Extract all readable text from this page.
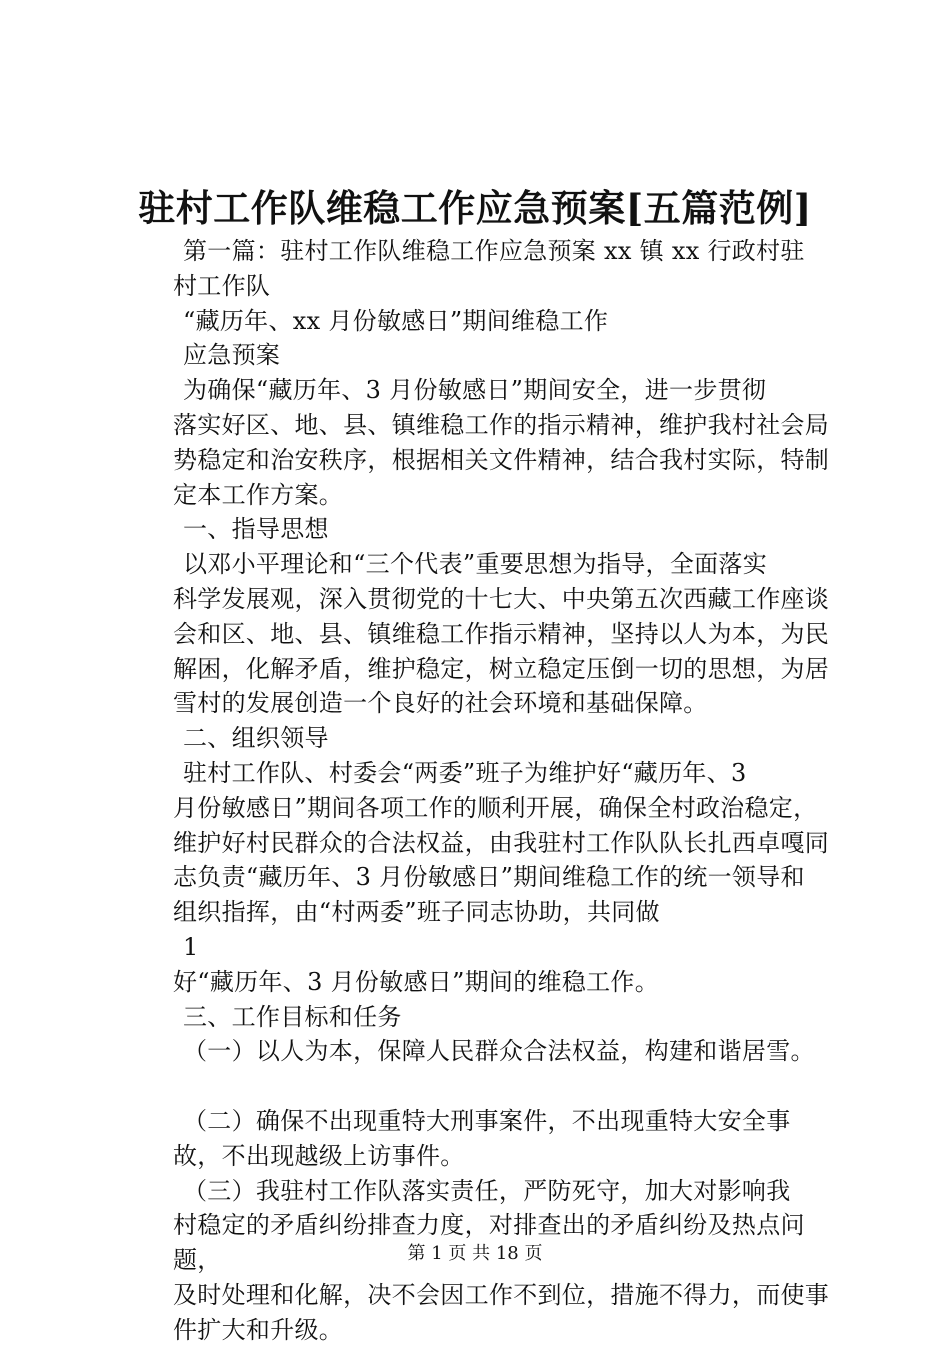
驻村工作队维稳工作应急预案[五篇范例]

第一篇：驻村工作队维稳工作应急预案 xx 镇 xx 行政村驻

村工作队

“藏历年、xx 月份敏感日”期间维稳工作

应急预案

为确保“藏历年、3 月份敏感日”期间安全，进一步贯彻

落实好区、地、县、镇维稳工作的指示精神，维护我村社会局

势稳定和治安秩序，根据相关文件精神，结合我村实际，特制

定本工作方案。

一、指导思想

以邓小平理论和“三个代表”重要思想为指导，全面落实

科学发展观，深入贯彻党的十七大、中央第五次西藏工作座谈

会和区、地、县、镇维稳工作指示精神，坚持以人为本，为民

解困，化解矛盾，维护稳定，树立稳定压倒一切的思想，为居

雪村的发展创造一个良好的社会环境和基础保障。

二、组织领导

驻村工作队、村委会“两委”班子为维护好“藏历年、3

月份敏感日”期间各项工作的顺利开展，确保全村政治稳定，

维护好村民群众的合法权益，由我驻村工作队队长扎西卓嘎同

志负责“藏历年、3 月份敏感日”期间维稳工作的统一领导和

组织指挥，由“村两委”班子同志协助，共同做

1

好“藏历年、3 月份敏感日”期间的维稳工作。

三、工作目标和任务

（一）以人为本，保障人民群众合法权益，构建和谐居雪。

（二）确保不出现重特大刑事案件，不出现重特大安全事

故，不出现越级上访事件。

（三）我驻村工作队落实责任，严防死守，加大对影响我

村稳定的矛盾纠纷排查力度，对排查出的矛盾纠纷及热点问题，

及时处理和化解，决不会因工作不到位，措施不得力，而使事

件扩大和升级。

第 1 页 共 18 页
